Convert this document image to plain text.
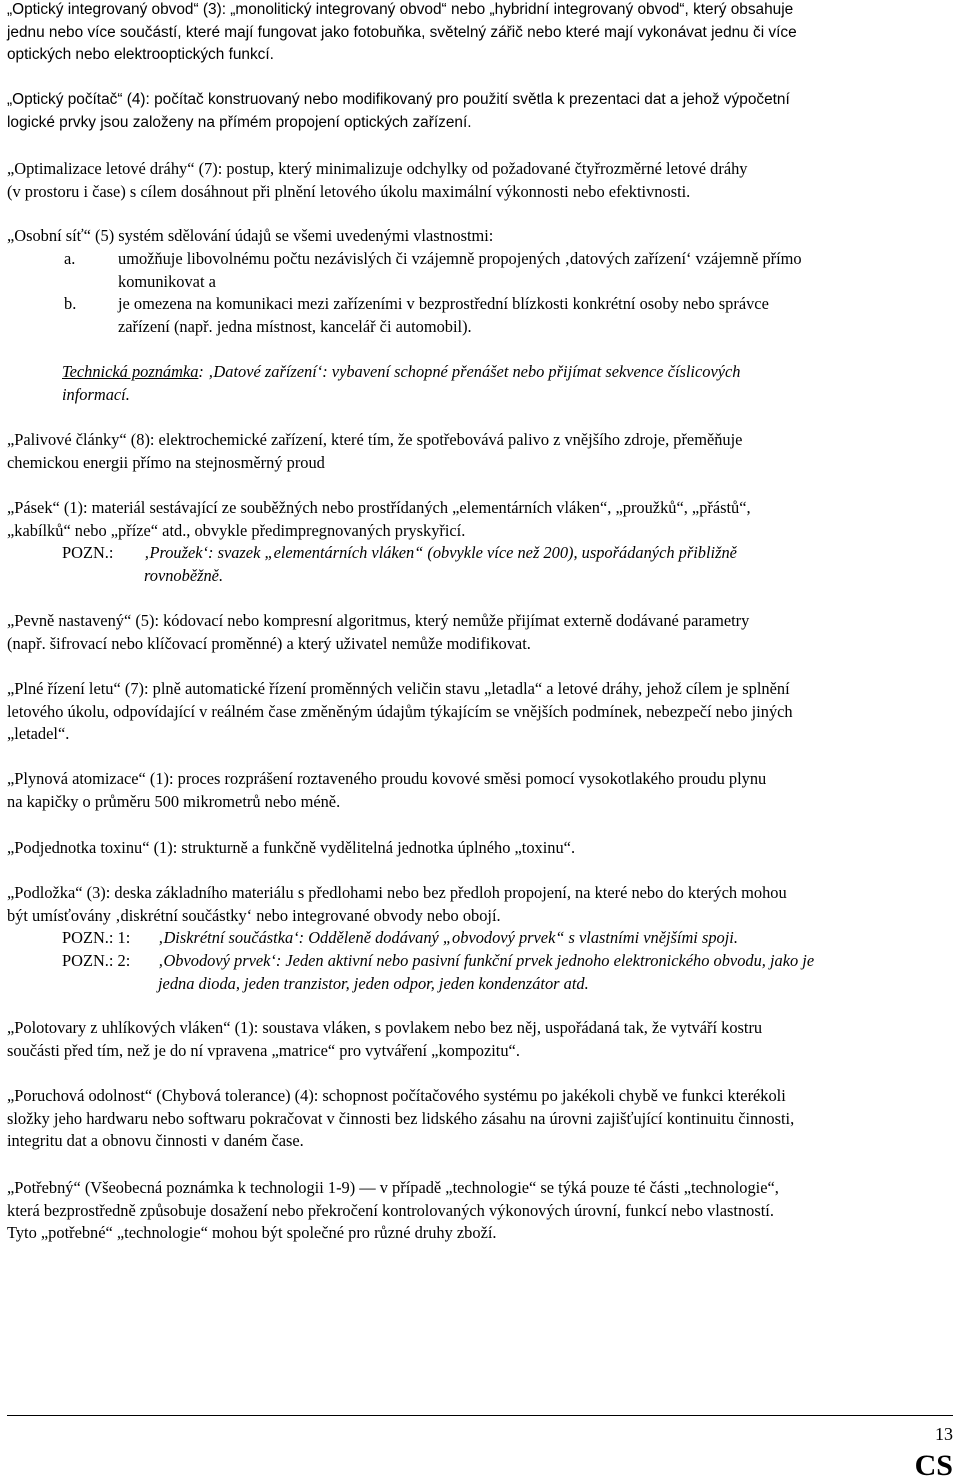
„Optický integrovaný obvod“ (3): „monolitický integrovaný obvod“ nebo „hybridní integrovaný obvod“, který obsahuje
jednu nebo více součástí, které mají fungovat jako fotobuňka, světelný zářič nebo které mají vykonávat jednu či více
optických nebo elektrooptických funkcí.

„Optický počítač“ (4): počítač konstruovaný nebo modifikovaný pro použití světla k prezentaci dat a jehož výpočetní
logické prvky jsou založeny na přímém propojení optických zařízení.

„Optimalizace letové dráhy“ (7): postup, který minimalizuje odchylky od požadované čtyřrozměrné letové dráhy
(v prostoru i čase) s cílem dosáhnout při plnění letového úkolu maximální výkonnosti nebo efektivnosti.

„Osobní síť“ (5) systém sdělování údajů se všemi uvedenými vlastnostmi:
a.	umožňuje libovolnému počtu nezávislých či vzájemně propojených ‚datových zařízení‘ vzájemně přímo
komunikovat a
b.	je omezena na komunikaci mezi zařízeními v bezprostřední blízkosti konkrétní osoby nebo správce
zařízení (např. jedna místnost, kancelář či automobil).

Technická poznámka: ‚Datové zařízení‘: vybavení schopné přenášet nebo přijímat sekvence číslicových
informací.

„Palivové články“ (8): elektrochemické zařízení, které tím, že spotřebovává palivo z vnějšího zdroje, přeměňuje
chemickou energii přímo na stejnosměrný proud

„Pásek“ (1): materiál sestávající ze souběžných nebo prostřídaných „elementárních vláken“, „proužků“, „přástů“,
„kabílků“ nebo „příze“ atd., obvykle předimpregnovaných pryskyřicí.
POZN.: ‚Proužek‘: svazek „elementárních vláken“ (obvykle více než 200), uspořádaných přibližně
rovnoběžně.

„Pevně nastavený“ (5): kódovací nebo kompresní algoritmus, který nemůže přijímat externě dodávané parametry
(např. šifrovací nebo klíčovací proměnné) a který uživatel nemůže modifikovat.

„Plné řízení letu“ (7): plně automatické řízení proměnných veličin stavu „letadla“ a letové dráhy, jehož cílem je splnění
letového úkolu, odpovídající v reálném čase změněným údajům týkajícím se vnějších podmínek, nebezpečí nebo jiných
„letadel“.

„Plynová atomizace“ (1): proces rozprášení roztaveného proudu kovové směsi pomocí vysokotlakého proudu plynu
na kapičky o průměru 500 mikrometrů nebo méně.

„Podjednotka toxinu“ (1): strukturně a funkčně vydělitelná jednotka úplného „toxinu“.

„Podložka“ (3): deska základního materiálu s předlohami nebo bez předloh propojení, na které nebo do kterých mohou
být umísťovány ‚diskrétní součástky‘ nebo integrované obvody nebo obojí.
POZN.: 1: ‚Diskrétní součástka‘: Odděleně dodávaný „obvodový prvek“ s vlastními vnějšími spoji.
POZN.: 2: ‚Obvodový prvek‘: Jeden aktivní nebo pasivní funkční prvek jednoho elektronického obvodu, jako je
jedna dioda, jeden tranzistor, jeden odpor, jeden kondenzátor atd.

„Polotovary z uhlíkových vláken“ (1): soustava vláken, s povlakem nebo bez něj, uspořádaná tak, že vytváří kostru
součásti před tím, než je do ní vpravena „matrice“ pro vytváření „kompozitu“.

„Poruchová odolnost“ (Chybová tolerance) (4): schopnost počítačového systému po jakékoli chybě ve funkci kterékoli
složky jeho hardwaru nebo softwaru pokračovat v činnosti bez lidského zásahu na úrovni zajišťující kontinuitu činnosti,
integritu dat a obnovu činnosti v daném čase.

„Potřebný“ (Všeobecná poznámka k technologii 1-9) — v případě „technologie“ se týká pouze té části „technologie“,
která bezprostředně způsobuje dosažení nebo překročení kontrolovaných výkonových úrovní, funkcí nebo vlastností.
Tyto „potřebné“ „technologie“ mohou být společné pro různé druhy zboží.

13
CS
